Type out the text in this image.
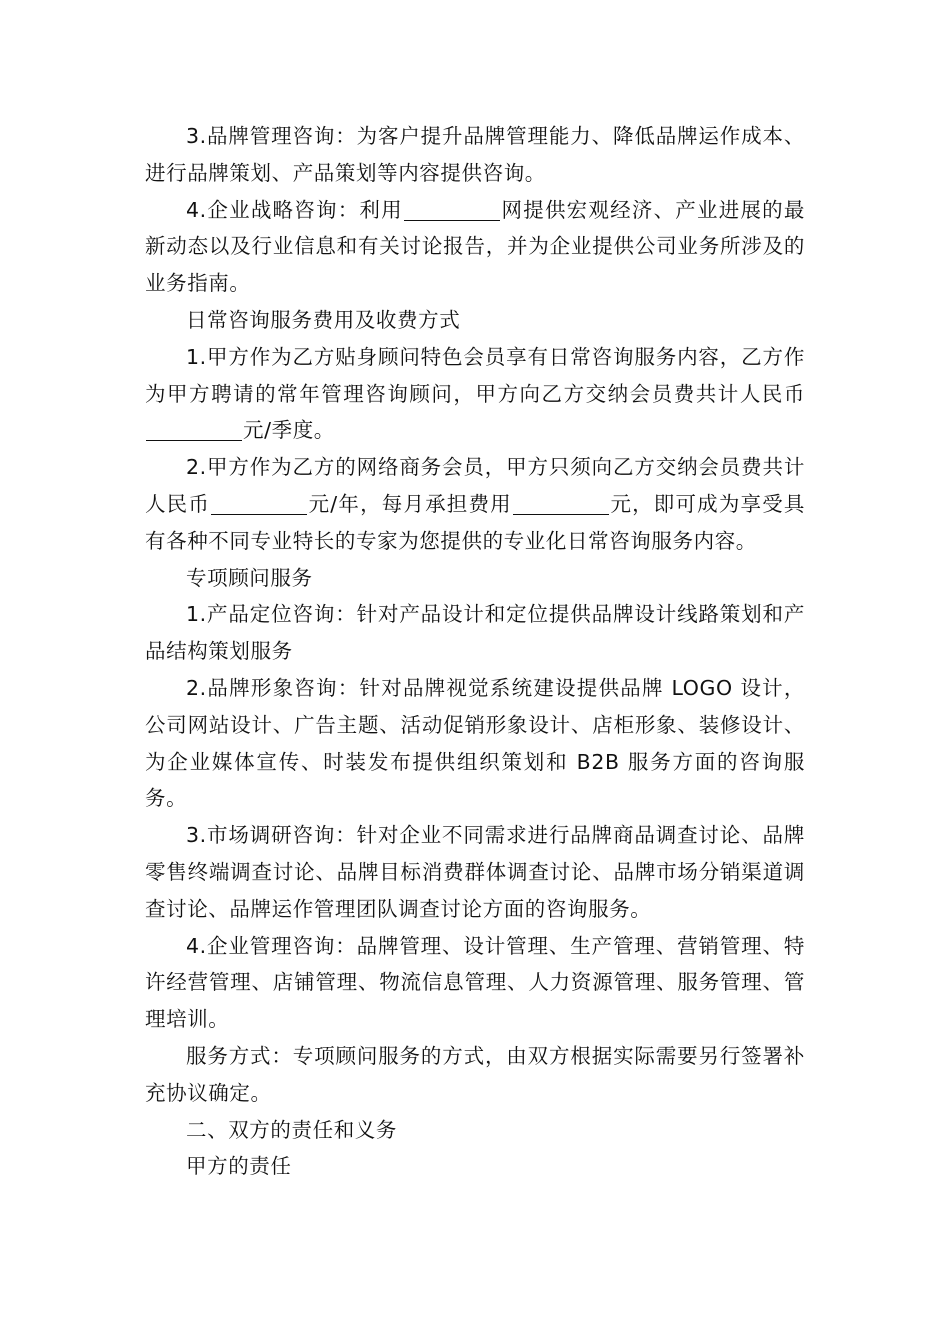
3.品牌管理咨询：为客户提升品牌管理能力、降低品牌运作成本、进行品牌策划、产品策划等内容提供咨询。

4.企业战略咨询：利用	网提供宏观经济、产业进展的最新动态以及行业信息和有关讨论报告，并为企业提供公司业务所涉及的业务指南。

日常咨询服务费用及收费方式

1.甲方作为乙方贴身顾问特色会员享有日常咨询服务内容，乙方作为甲方聘请的常年管理咨询顾问，甲方向乙方交纳会员费共计人民币元/季度。

2.甲方作为乙方的网络商务会员，甲方只须向乙方交纳会员费共计人民币	元/年，每月承担费用	元，即可成为享受具有各种不同专业特长的专家为您提供的专业化日常咨询服务内容。

专项顾问服务

1.产品定位咨询：针对产品设计和定位提供品牌设计线路策划和产品结构策划服务

2.品牌形象咨询：针对品牌视觉系统建设提供品牌 LOGO 设计，公司网站设计、广告主题、活动促销形象设计、店柜形象、装修设计、为企业媒体宣传、时装发布提供组织策划和 B2B 服务方面的咨询服务。

3.市场调研咨询：针对企业不同需求进行品牌商品调查讨论、品牌零售终端调查讨论、品牌目标消费群体调查讨论、品牌市场分销渠道调查讨论、品牌运作管理团队调查讨论方面的咨询服务。

4.企业管理咨询：品牌管理、设计管理、生产管理、营销管理、特许经营管理、店铺管理、物流信息管理、人力资源管理、服务管理、管理培训。

服务方式：专项顾问服务的方式，由双方根据实际需要另行签署补充协议确定。

二、双方的责任和义务

甲方的责任
